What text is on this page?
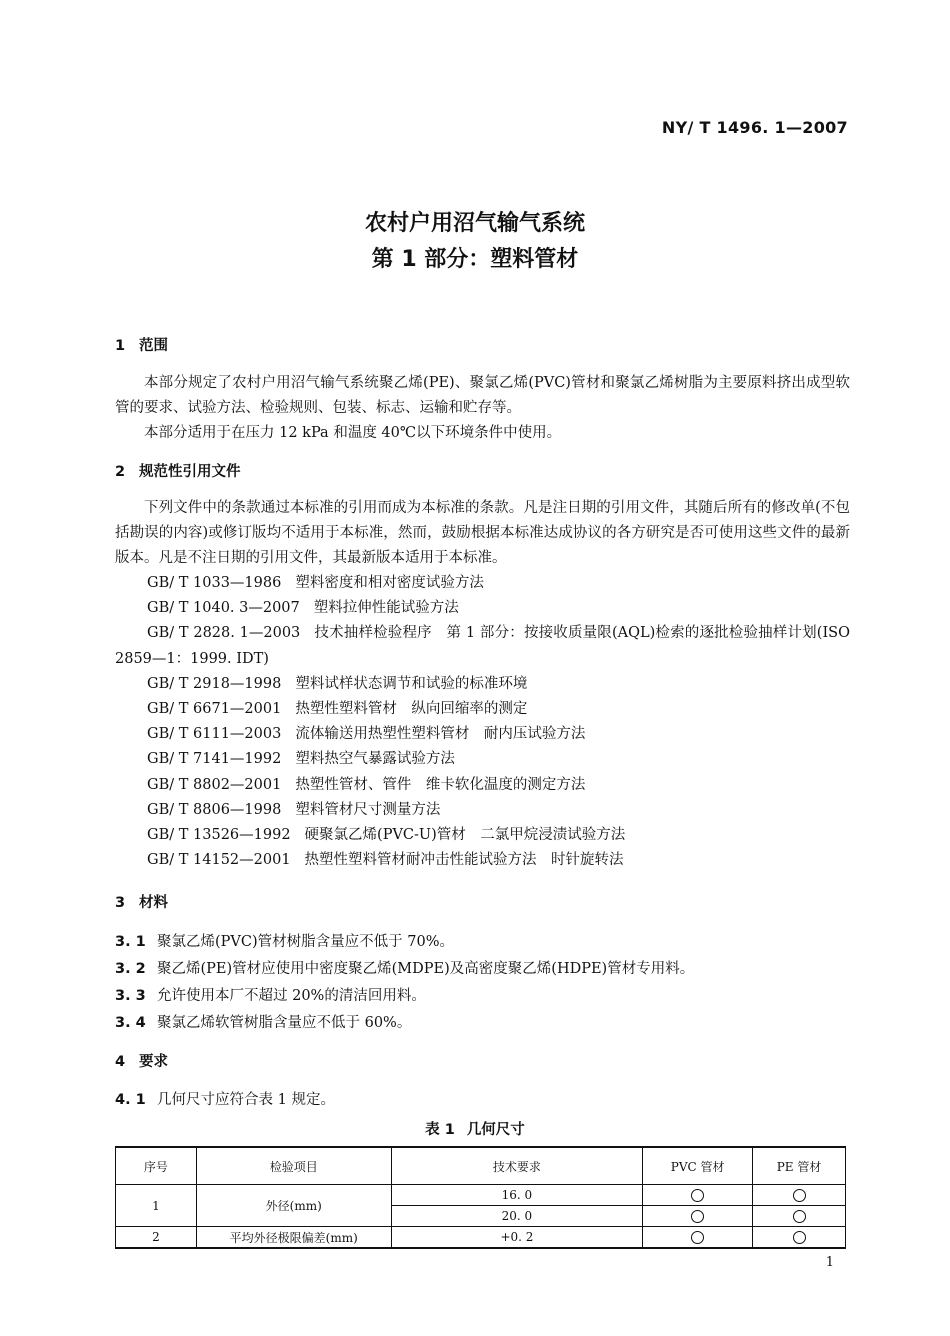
NY/ T 1496. 1—2007
农村户用沼气输气系统
第 1 部分：塑料管材
1 范围

本部分规定了农村户用沼气输气系统聚乙烯(PE)、聚氯乙烯(PVC)管材和聚氯乙烯树脂为主要原料挤出成型软管的要求、试验方法、检验规则、包装、标志、运输和贮存等。

本部分适用于在压力 12 kPa 和温度 40℃以下环境条件中使用。

2 规范性引用文件

下列文件中的条款通过本标准的引用而成为本标准的条款。凡是注日期的引用文件，其随后所有的修改单(不包括勘误的内容)或修订版均不适用于本标准，然而，鼓励根据本标准达成协议的各方研究是否可使用这些文件的最新版本。凡是不注日期的引用文件，其最新版本适用于本标准。

GB/ T 1033—1986 塑料密度和相对密度试验方法
GB/ T 1040. 3—2007 塑料拉伸性能试验方法
GB/ T 2828. 1—2003 技术抽样检验程序　第 1 部分：按接收质量限(AQL)检索的逐批检验抽样计划(ISO 2859—1：1999. IDT)
GB/ T 2918—1998 塑料试样状态调节和试验的标准环境
GB/ T 6671—2001 热塑性塑料管材　纵向回缩率的测定
GB/ T 6111—2003 流体输送用热塑性塑料管材　耐内压试验方法
GB/ T 7141—1992 塑料热空气暴露试验方法
GB/ T 8802—2001 热塑性管材、管件　维卡软化温度的测定方法
GB/ T 8806—1998 塑料管材尺寸测量方法
GB/ T 13526—1992 硬聚氯乙烯(PVC-U)管材　二氯甲烷浸渍试验方法
GB/ T 14152—2001 热塑性塑料管材耐冲击性能试验方法　时针旋转法
3 材料
3. 1 聚氯乙烯(PVC)管材树脂含量应不低于 70%。
3. 2 聚乙烯(PE)管材应使用中密度聚乙烯(MDPE)及高密度聚乙烯(HDPE)管材专用料。
3. 3 允许使用本厂不超过 20%的清洁回用料。
3. 4 聚氯乙烯软管树脂含量应不低于 60%。
4 要求
4. 1 几何尺寸应符合表 1 规定。
表 1 几何尺寸
序号	检验项目	技术要求	PVC 管材	PE 管材
1	外径(mm)	16. 0		
		20. 0		
2	平均外径极限偏差(mm)	+0. 2		
1
